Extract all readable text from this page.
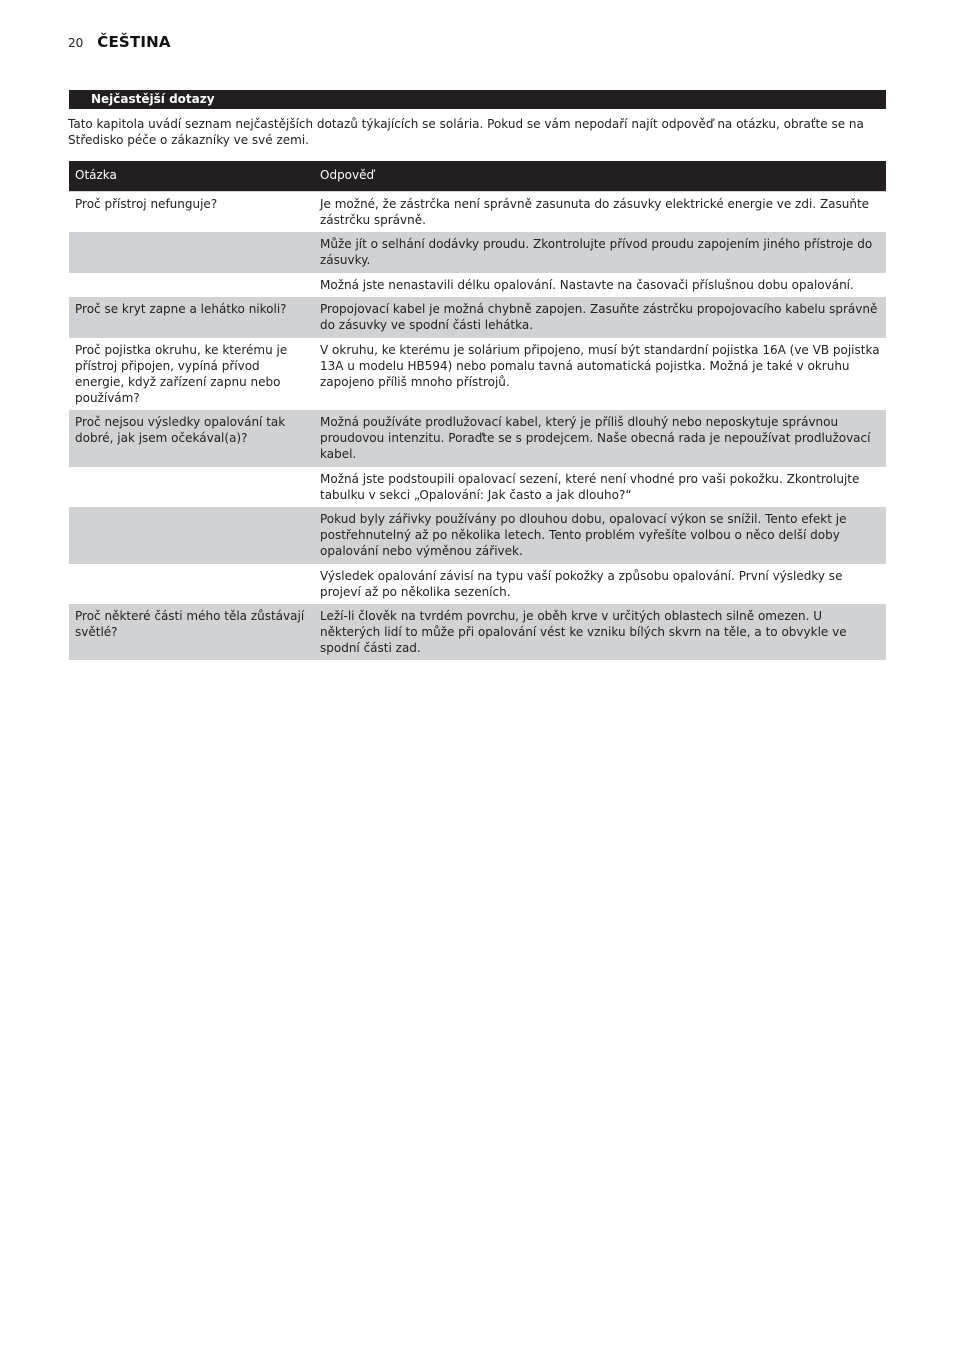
20 ČEŠTINA
Nejčastější dotazy
Tato kapitola uvádí seznam nejčastějších dotazů týkajících se solária. Pokud se vám nepodaří najít odpověď na otázku, obraťte se na Středisko péče o zákazníky ve své zemi.
Otázka	Odpověď
Proč přístroj nefunguje?	Je možné, že zástrčka není správně zasunuta do zásuvky elektrické energie ve zdi. Zasuňte zástrčku správně.
	Může jít o selhání dodávky proudu. Zkontrolujte přívod proudu zapojením jiného přístroje do zásuvky.
	Možná jste nenastavili délku opalování. Nastavte na časovači příslušnou dobu opalování.
Proč se kryt zapne a lehátko nikoli?	Propojovací kabel je možná chybně zapojen. Zasuňte zástrčku propojovacího kabelu správně do zásuvky ve spodní části lehátka.
Proč pojistka okruhu, ke kterému je přístroj připojen, vypíná přívod energie, když zařízení zapnu nebo používám?	V okruhu, ke kterému je solárium připojeno, musí být standardní pojistka 16A (ve VB pojistka 13A u modelu HB594) nebo pomalu tavná automatická pojistka. Možná je také v okruhu zapojeno příliš mnoho přístrojů.
Proč nejsou výsledky opalování tak dobré, jak jsem očekával(a)?	Možná používáte prodlužovací kabel, který je příliš dlouhý nebo neposkytuje správnou proudovou intenzitu. Poraďte se s prodejcem. Naše obecná rada je nepoužívat prodlužovací kabel.
	Možná jste podstoupili opalovací sezení, které není vhodné pro vaši pokožku. Zkontrolujte tabulku v sekci „Opalování: Jak často a jak dlouho?“
	Pokud byly zářivky používány po dlouhou dobu, opalovací výkon se snížil. Tento efekt je postřehnutelný až po několika letech. Tento problém vyřešíte volbou o něco delší doby opalování nebo výměnou zářivek.
	Výsledek opalování závisí na typu vaší pokožky a způsobu opalování. První výsledky se projeví až po několika sezeních.
Proč některé části mého těla zůstávají světlé?	Leží-li člověk na tvrdém povrchu, je oběh krve v určitých oblastech silně omezen. U některých lidí to může při opalování vést ke vzniku bílých skvrn na těle, a to obvykle ve spodní části zad.
